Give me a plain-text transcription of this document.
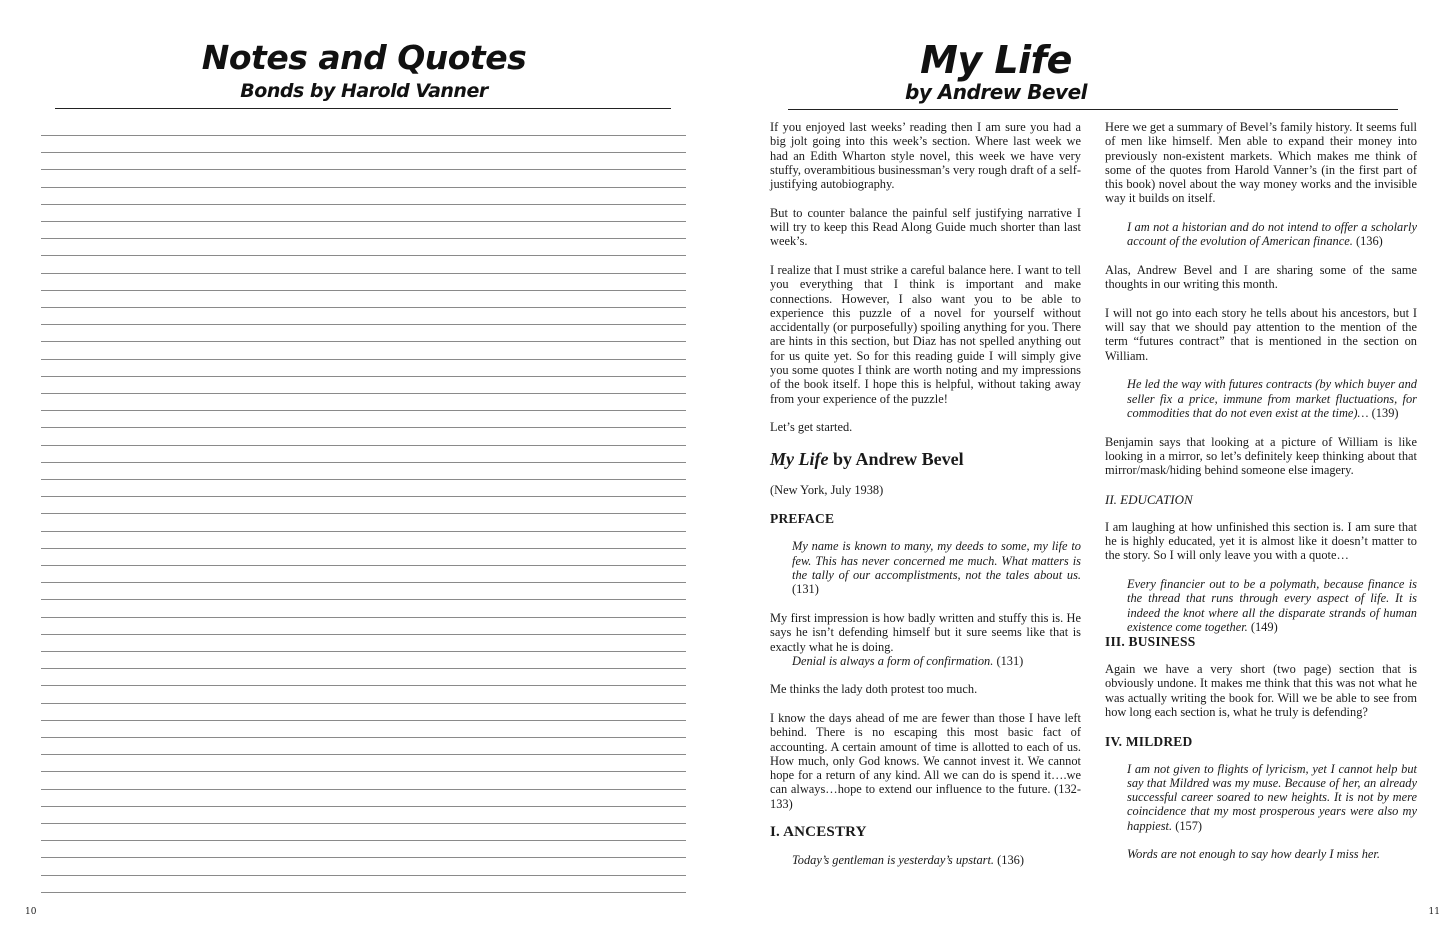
Notes and Quotes
Bonds by Harold Vanner
10
My Life
by Andrew Bevel

If you enjoyed last weeks’ reading then I am sure you had a big jolt going into this week’s section. Where last week we had an Edith Wharton style novel, this week we have very stuffy, overambitious businessman’s very rough draft of a self-justifying autobiography.

But to counter balance the painful self justifying narrative I will try to keep this Read Along Guide much shorter than last week’s.

I realize that I must strike a careful balance here. I want to tell you everything that I think is important and make connections. However, I also want you to be able to experience this puzzle of a novel for yourself without accidentally (or purposefully) spoiling anything for you. There are hints in this section, but Diaz has not spelled anything out for us quite yet. So for this reading guide I will simply give you some quotes I think are worth noting and my impressions of the book itself. I hope this is helpful, without taking away from your experience of the puzzle!

Let’s get started.

My Life by Andrew Bevel

(New York, July 1938)

PREFACE

My name is known to many, my deeds to some, my life to few. This has never concerned me much. What matters is the tally of our accomplistments, not the tales about us. (131)

My first impression is how badly written and stuffy this is. He says he isn’t defending himself but it sure seems like that is exactly what he is doing.

Denial is always a form of confirmation. (131)

Me thinks the lady doth protest too much.

I know the days ahead of me are fewer than those I have left behind. There is no escaping this most basic fact of accounting. A certain amount of time is allotted to each of us. How much, only God knows. We cannot invest it. We cannot hope for a return of any kind. All we can do is spend it….we can always…hope to extend our influence to the future. (132-133)

I. ANCESTRY

Today’s gentleman is yesterday’s upstart. (136)

Here we get a summary of Bevel’s family history. It seems full of men like himself. Men able to expand their money into previously non-existent markets. Which makes me think of some of the quotes from Harold Vanner’s (in the first part of this book) novel about the way money works and the invisible way it builds on itself.

I am not a historian and do not intend to offer a scholarly account of the evolution of American finance. (136)

Alas, Andrew Bevel and I are sharing some of the same thoughts in our writing this month.

I will not go into each story he tells about his ancestors, but I will say that we should pay attention to the mention of the term “futures contract” that is mentioned in the section on William.

He led the way with futures contracts (by which buyer and seller fix a price, immune from market fluctuations, for commodities that do not even exist at the time)… (139)

Benjamin says that looking at a picture of William is like looking in a mirror, so let’s definitely keep thinking about that mirror/mask/hiding behind someone else imagery.

II. EDUCATION

I am laughing at how unfinished this section is. I am sure that he is highly educated, yet it is almost like it doesn’t matter to the story. So I will only leave you with a quote…

Every financier out to be a polymath, because finance is the thread that runs through every aspect of life. It is indeed the knot where all the disparate strands of human existence come together. (149)

III. BUSINESS

Again we have a very short (two page) section that is obviously undone. It makes me think that this was not what he was actually writing the book for. Will we be able to see from how long each section is, what he truly is defending?

IV. MILDRED

I am not given to flights of lyricism, yet I cannot help but say that Mildred was my muse. Because of her, an already successful career soared to new heights. It is not by mere coincidence that my most prosperous years were also my happiest. (157)

Words are not enough to say how dearly I miss her.

11
